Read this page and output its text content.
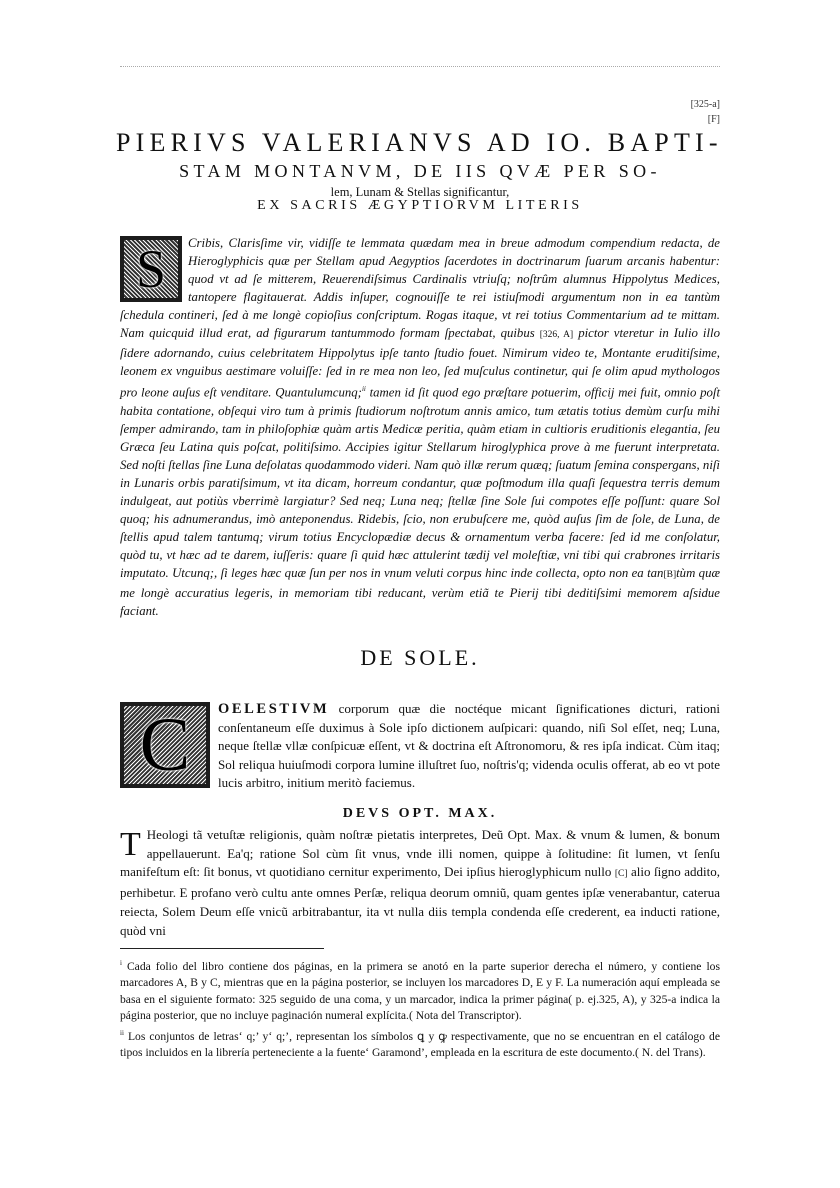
[325-a]
[F]
PIERIVS VALERIANVS AD IO. BAPTI-
STAM MONTANVM, DE IIS QVÆ PER SO-
lem, Lunam & Stellas significantur,
EX SACRIS ÆGYPTIORVM LITERIS
S	Cribis, Clarisſime vir, vidiſſe te lemmata quædam mea in breue admodum compendium redacta, de Hieroglyphicis quæ per Stellam apud Aegyptios ſacerdotes in doctrinarum ſuarum arcanis habentur: quod vt ad ſe mitterem, Reuerendiſsimus Cardinalis vtriuſq; noſtrûm alumnus Hippolytus Medices, tantopere flagitauerat. Addis inſuper, cognouiſſe te rei istiuſmodi argumentum non in ea tantùm ſchedula contineri, ſed à me longè copioſius conſcriptum. Rogas itaque, vt rei totius Commentarium ad te mittam. Nam quicquid illud erat, ad figurarum tantummodo formam ſpectabat, quibus [326, A] pictor vteretur in Iulio illo ſidere adornando, cuius celebritatem Hippolytus ipſe tanto ſtudio fouet. Nimirum video te, Montante eruditiſsime, leonem ex vnguibus aestimare voluiſſe: ſed in re mea non leo, ſed muſculus continetur, qui ſe olim apud mythologos pro leone auſus eſt venditare. Quantulumcunq;$^{ii}$ tamen id ſit quod ego præſtare potuerim, officij mei fuit, omnio poſt habita contatione, obſequi viro tum à primis ſtudiorum noſtrotum annis amico, tum ætatis totius demùm curſu mihi ſemper admirando, tam in philoſophiæ quàm artis Medicæ peritia, quàm etiam in cultioris eruditionis elegantia, ſeu Græca ſeu Latina quis poſcat, politiſsimo. Accipies igitur Stellarum hiroglyphica prove à me fuerunt interpretata. Sed noſti ſtellas ſine Luna deſolatas quodammodo videri. Nam quò illæ rerum quæq; ſuatum ſemina conspergans, niſi in Lunaris orbis paratiſsimum, vt ita dicam, horreum condantur, quæ poſtmodum illa quaſi ſequestra terris demum indulgeat, aut potiùs vberrimè largiatur? Sed neq; Luna neq; ſtellæ ſine Sole ſui compotes eſſe poſſunt: quare Sol quoq; his adnumerandus, imò anteponendus. Ridebis, ſcio, non erubuſcere me, quòd auſus ſim de ſole, de Luna, de ſtellis apud talem tantumq; virum totius Encyclopædiæ decus & ornamentum verba facere: ſed id me conſolatur, quòd tu, vt hæc ad te darem, iuſſeris: quare ſi quid hæc attulerint tædij vel moleſtiæ, vni tibi qui crabrones irritaris imputato. Utcunq;, ſi leges hæc quæ ſun per nos in vnum veluti corpus hinc inde collecta, opto non ea tan[B]tùm quæ me longè accuratius legeris, in memoriam tibi reducant, verùm etiã te Pierij tibi deditiſsimi memorem aſsidue faciant.
DE SOLE.
C	OELESTIVM corporum quæ die noctéque micant ſignificationes dicturi, rationi conſentaneum eſſe duximus à Sole ipſo dictionem auſpicari: quando, niſi Sol eſſet, neq; Luna, neque ſtellæ vllæ conſpicuæ eſſent, vt & doctrina eſt Aſtronomoru, & res ipſa indicat. Cùm itaq; Sol reliqua huiuſmodi corpora lumine illuſtret ſuo, noſtris'q; videnda oculis offerat, ab eo vt pote lucis arbitro, initium meritò faciemus.
DEVS OPT. MAX.
T Heologi tã vetuſtæ religionis, quàm noſtræ pietatis interpretes, Deũ Opt. Max. & vnum & lumen, & bonum appellauerunt. Ea'q; ratione Sol cùm ſit vnus, vnde illi nomen, quippe à ſolitudine: ſit lumen, vt ſenſu manifeſtum eſt: ſit bonus, vt quotidiano cernitur experimento, Dei ipſius hieroglyphicum nullo [C] alio ſigno addito, perhibetur. E profano verò cultu ante omnes Perſæ, reliqua deorum omniũ, quam gentes ipſæ venerabantur, caterua reiecta, Solem Deum eſſe vnicũ arbitrabantur, ita vt nulla diis templa condenda eſſe crederent, ea inducti ratione, quòd vni

$^i$ Cada folio del libro contiene dos páginas, en la primera se anotó en la parte superior derecha el número, y contiene los marcadores A, B y C, mientras que en la página posterior, se incluyen los marcadores D, E y F. La numeración aquí empleada se basa en el siguiente formato: 325 seguido de una coma, y un marcador, indica la primer página( p. ej.325, A), y 325-a indica la página posterior, que no incluye paginación numeral explícita.( Nota del Transcriptor).

$^{ii}$ Los conjuntos de letras‘ q;’ y‘ q;’, representan los símbolos ꝗ y ꝙ respectivamente, que no se encuentran en el catálogo de tipos incluidos en la librería perteneciente a la fuente‘ Garamond’, empleada en la escritura de este documento.( N. del Trans).
